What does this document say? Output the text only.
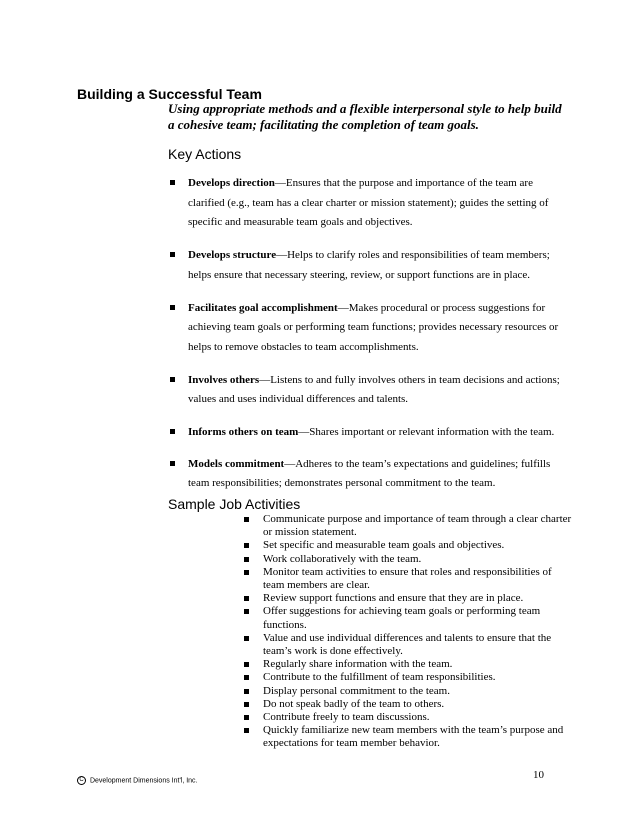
Building a Successful Team
Using appropriate methods and a flexible interpersonal style to help build a cohesive team; facilitating the completion of team goals.
Key Actions
Develops direction—Ensures that the purpose and importance of the team are clarified (e.g., team has a clear charter or mission statement); guides the setting of specific and measurable team goals and objectives.
Develops structure—Helps to clarify roles and responsibilities of team members; helps ensure that necessary steering, review, or support functions are in place.
Facilitates goal accomplishment—Makes procedural or process suggestions for achieving team goals or performing team functions; provides necessary resources or helps to remove obstacles to team accomplishments.
Involves others—Listens to and fully involves others in team decisions and actions; values and uses individual differences and talents.
Informs others on team—Shares important or relevant information with the team.
Models commitment—Adheres to the team’s expectations and guidelines; fulfills team responsibilities; demonstrates personal commitment to the team.
Sample Job Activities
Communicate purpose and importance of team through a clear charter or mission statement.
Set specific and measurable team goals and objectives.
Work collaboratively with the team.
Monitor team activities to ensure that roles and responsibilities of team members are clear.
Review support functions and ensure that they are in place.
Offer suggestions for achieving team goals or performing team functions.
Value and use individual differences and talents to ensure that the team’s work is done effectively.
Regularly share information with the team.
Contribute to the fulfillment of team responsibilities.
Display personal commitment to the team.
Do not speak badly of the team to others.
Contribute freely to team discussions.
Quickly familiarize new team members with the team’s purpose and expectations for team member behavior.
C Development Dimensions Int'l, Inc.	10
